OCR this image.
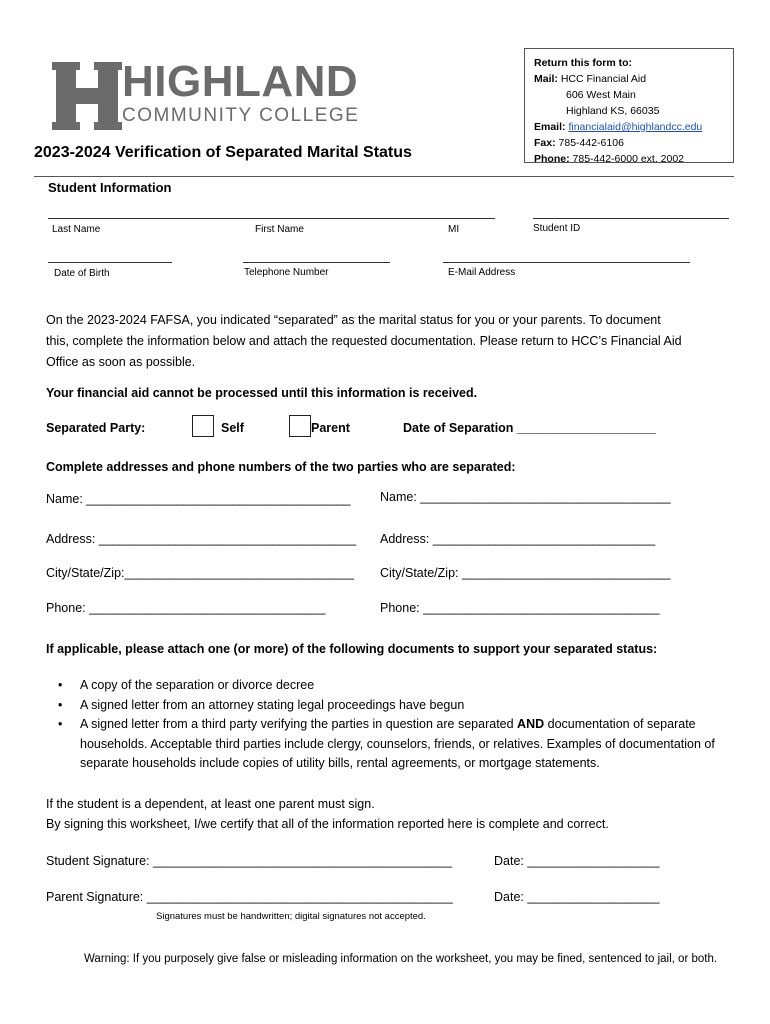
HIGHLAND
COMMUNITY COLLEGE
Return this form to:
Mail: HCC Financial Aid
606 West Main
Highland KS, 66035
Email: financialaid@highlandcc.edu
Fax: 785-442-6106
Phone: 785-442-6000 ext. 2002
2023-2024 Verification of Separated Marital Status
Student Information
Last Name	First Name	MI	Student ID
Date of Birth	Telephone Number	E-Mail Address
On the 2023-2024 FAFSA, you indicated “separated” as the marital status for you or your parents. To document this, complete the information below and attach the requested documentation. Please return to HCC’s Financial Aid Office as soon as possible.
Your financial aid cannot be processed until this information is received.
Separated Party:	Self	Parent	Date of Separation ____________________
Complete addresses and phone numbers of the two parties who are separated:
Name: ______________________________________ Name: ____________________________________
Address: _____________________________________ Address: ________________________________
City/State/Zip:_________________________________ City/State/Zip: ______________________________
Phone: __________________________________	Phone: __________________________________
If applicable, please attach one (or more) of the following documents to support your separated status:
• A copy of the separation or divorce decree
• A signed letter from an attorney stating legal proceedings have begun
• A signed letter from a third party verifying the parties in question are separated AND documentation of separate households. Acceptable third parties include clergy, counselors, friends, or relatives. Examples of documentation of separate households include copies of utility bills, rental agreements, or mortgage statements.
If the student is a dependent, at least one parent must sign.
By signing this worksheet, I/we certify that all of the information reported here is complete and correct.
Student Signature: ___________________________________________	Date: ___________________
Parent Signature: ____________________________________________	Date: ___________________
Signatures must be handwritten; digital signatures not accepted.
Warning: If you purposely give false or misleading information on the worksheet, you may be fined, sentenced to jail, or both.
